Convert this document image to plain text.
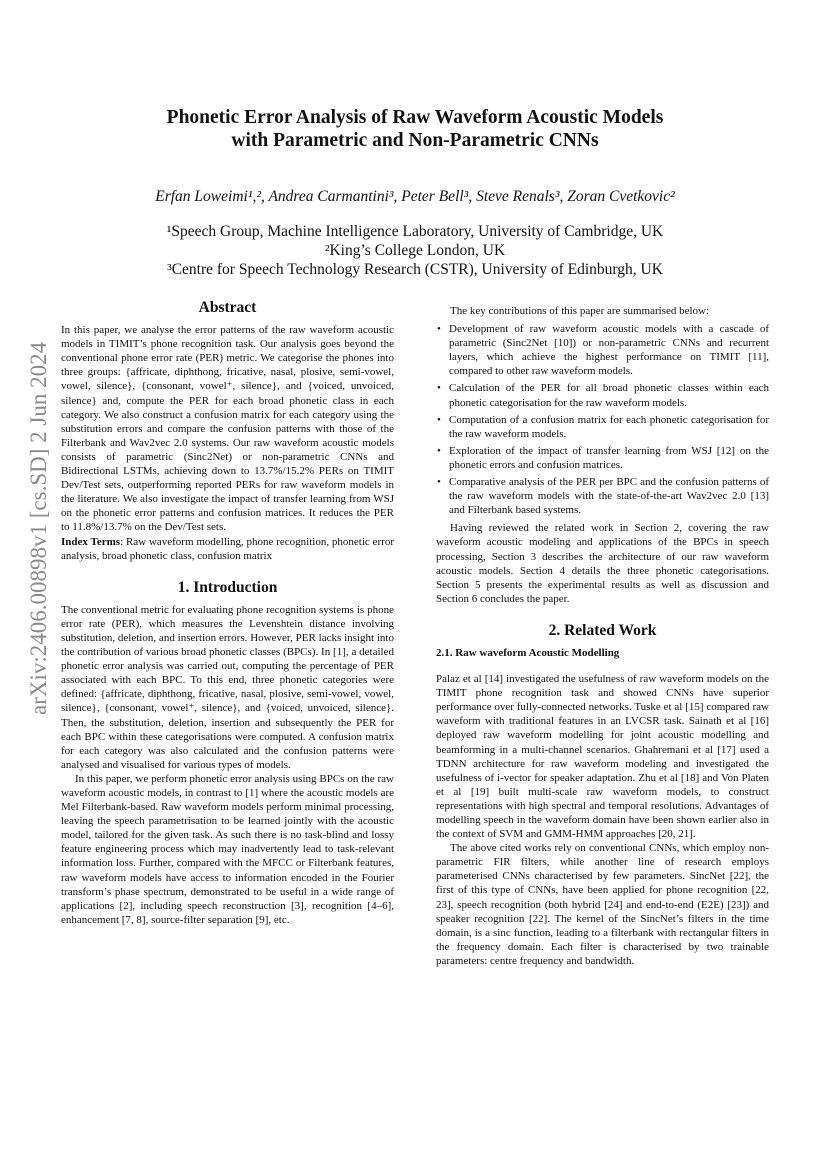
arXiv:2406.00898v1 [cs.SD] 2 Jun 2024
Phonetic Error Analysis of Raw Waveform Acoustic Models
with Parametric and Non-Parametric CNNs
Erfan Loweimi¹,², Andrea Carmantini³, Peter Bell³, Steve Renals³, Zoran Cvetkovic²
¹Speech Group, Machine Intelligence Laboratory, University of Cambridge, UK
²King’s College London, UK
³Centre for Speech Technology Research (CSTR), University of Edinburgh, UK
Abstract

In this paper, we analyse the error patterns of the raw waveform acoustic models in TIMIT’s phone recognition task. Our analysis goes beyond the conventional phone error rate (PER) metric. We categorise the phones into three groups: {affricate, diphthong, fricative, nasal, plosive, semi-vowel, vowel, silence}, {consonant, vowel⁺, silence}, and {voiced, unvoiced, silence} and, compute the PER for each broad phonetic class in each category. We also construct a confusion matrix for each category using the substitution errors and compare the confusion patterns with those of the Filterbank and Wav2vec 2.0 systems. Our raw waveform acoustic models consists of parametric (Sinc2Net) or non-parametric CNNs and Bidirectional LSTMs, achieving down to 13.7%/15.2% PERs on TIMIT Dev/Test sets, outperforming reported PERs for raw waveform models in the literature. We also investigate the impact of transfer learning from WSJ on the phonetic error patterns and confusion matrices. It reduces the PER to 11.8%/13.7% on the Dev/Test sets.

Index Terms: Raw waveform modelling, phone recognition, phonetic error analysis, broad phonetic class, confusion matrix

1. Introduction

The conventional metric for evaluating phone recognition systems is phone error rate (PER), which measures the Levenshtein distance involving substitution, deletion, and insertion errors. However, PER lacks insight into the contribution of various broad phonetic classes (BPCs). In [1], a detailed phonetic error analysis was carried out, computing the percentage of PER associated with each BPC. To this end, three phonetic categories were defined: {affricate, diphthong, fricative, nasal, plosive, semi-vowel, vowel, silence}, {consonant, vowel⁺, silence}, and {voiced, unvoiced, silence}. Then, the substitution, deletion, insertion and subsequently the PER for each BPC within these categorisations were computed. A confusion matrix for each category was also calculated and the confusion patterns were analysed and visualised for various types of models.

In this paper, we perform phonetic error analysis using BPCs on the raw waveform acoustic models, in contrast to [1] where the acoustic models are Mel Filterbank-based. Raw waveform models perform minimal processing, leaving the speech parametrisation to be learned jointly with the acoustic model, tailored for the given task. As such there is no task-blind and lossy feature engineering process which may inadvertently lead to task-relevant information loss. Further, compared with the MFCC or Filterbank features, raw waveform models have access to information encoded in the Fourier transform’s phase spectrum, demonstrated to be useful in a wide range of applications [2], including speech reconstruction [3], recognition [4–6], enhancement [7, 8], source-filter separation [9], etc.

The key contributions of this paper are summarised below:

• Development of raw waveform acoustic models with a cascade of parametric (Sinc2Net [10]) or non-parametric CNNs and recurrent layers, which achieve the highest performance on TIMIT [11], compared to other raw waveform models.
• Calculation of the PER for all broad phonetic classes within each phonetic categorisation for the raw waveform models.
• Computation of a confusion matrix for each phonetic categorisation for the raw waveform models.
• Exploration of the impact of transfer learning from WSJ [12] on the phonetic errors and confusion matrices.
• Comparative analysis of the PER per BPC and the confusion patterns of the raw waveform models with the state-of-the-art Wav2vec 2.0 [13] and Filterbank based systems.

Having reviewed the related work in Section 2, covering the raw waveform acoustic modeling and applications of the BPCs in speech processing, Section 3 describes the architecture of our raw waveform acoustic models. Section 4 details the three phonetic categorisations. Section 5 presents the experimental results as well as discussion and Section 6 concludes the paper.

2. Related Work
2.1. Raw waveform Acoustic Modelling

Palaz et al [14] investigated the usefulness of raw waveform models on the TIMIT phone recognition task and showed CNNs have superior performance over fully-connected networks. Tuske et al [15] compared raw waveform with traditional features in an LVCSR task. Sainath et al [16] deployed raw waveform modelling for joint acoustic modelling and beamforming in a multi-channel scenarios. Ghahremani et al [17] used a TDNN architecture for raw waveform modeling and investigated the usefulness of i-vector for speaker adaptation. Zhu et al [18] and Von Platen et al [19] built multi-scale raw waveform models, to construct representations with high spectral and temporal resolutions. Advantages of modelling speech in the waveform domain have been shown earlier also in the context of SVM and GMM-HMM approaches [20, 21].

The above cited works rely on conventional CNNs, which employ non-parametric FIR filters, while another line of research employs parameterised CNNs characterised by few parameters. SincNet [22], the first of this type of CNNs, have been applied for phone recognition [22, 23], speech recognition (both hybrid [24] and end-to-end (E2E) [23]) and speaker recognition [22]. The kernel of the SincNet’s filters in the time domain, is a sinc function, leading to a filterbank with rectangular filters in the frequency domain. Each filter is characterised by two trainable parameters: centre frequency and bandwidth.
